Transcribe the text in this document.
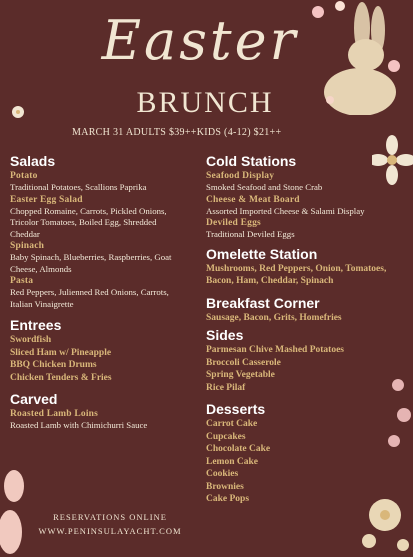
Easter
BRUNCH
MARCH 31 ADULTS $39++KIDS (4-12) $21++
Salads
Potato
Traditional Potatoes, Scallions Paprika
Easter Egg Salad
Chopped Romaine, Carrots, Pickled Onions, Tricolor Tomatoes, Boiled Egg, Shredded Cheddar
Spinach
Baby Spinach, Blueberries, Raspberries, Goat Cheese, Almonds
Pasta
Red Peppers, Julienned Red Onions, Carrots, Italian Vinaigrette
Entrees
Swordfish
Sliced Ham w/ Pineapple
BBQ Chicken Drums
Chicken Tenders & Fries
Carved
Roasted Lamb Loins
Roasted Lamb with Chimichurri Sauce
Cold Stations
Seafood Display
Smoked Seafood and Stone Crab
Cheese & Meat Board
Assorted Imported Cheese & Salami Display
Deviled Eggs
Traditional Deviled Eggs
Omelette Station
Mushrooms, Red Peppers, Onion, Tomatoes, Bacon, Ham, Cheddar, Spinach
Breakfast Corner
Sausage, Bacon, Grits, Homefries
Sides
Parmesan Chive Mashed Potatoes
Broccoli Casserole
Spring Vegetable
Rice Pilaf
Desserts
Carrot Cake
Cupcakes
Chocolate Cake
Lemon Cake
Cookies
Brownies
Cake Pops
RESERVATIONS ONLINE
WWW.PENINSULAYACHT.COM
